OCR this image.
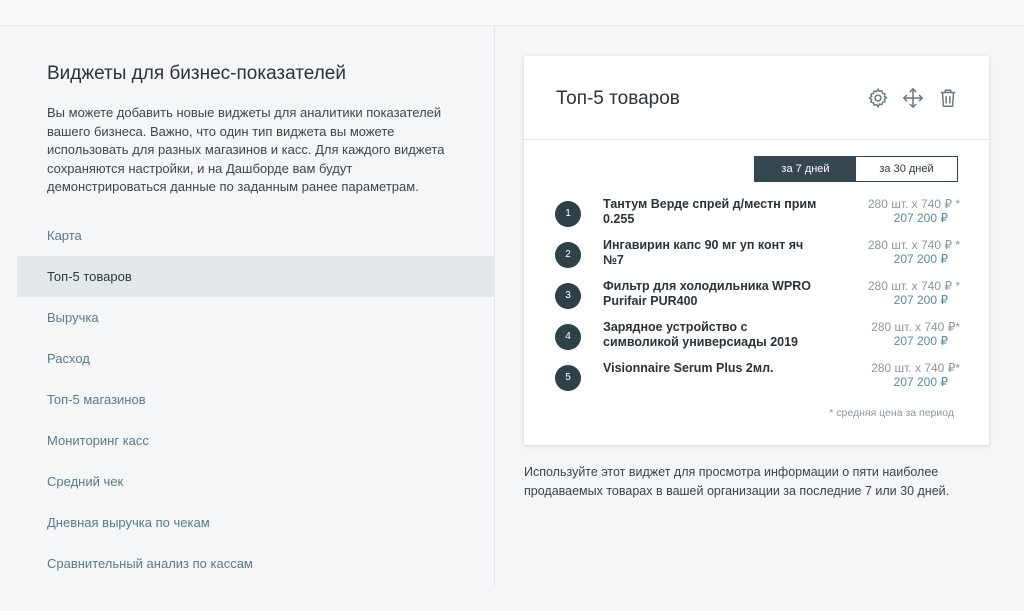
Виджеты для бизнес-показателей

Вы можете добавить новые виджеты для аналитики показателей вашего бизнеса. Важно, что один тип виджета вы можете использовать для разных магазинов и касс. Для каждого виджета сохраняются настройки, и на Дашборде вам будут демонстрироваться данные по заданным ранее параметрам.

Карта
Топ-5 товаров
Выручка
Расход
Топ-5 магазинов
Мониторинг касс
Средний чек
Дневная выручка по чекам
Сравнительный анализ по кассам
Топ-5 товаров
за 7 дней	за 30 дней
1
Тантум Верде спрей д/местн прим 0.255
280 шт. x 740 ₽ *
207 200 ₽
2
Ингавирин капс 90 мг уп конт яч №7
280 шт. x 740 ₽ *
207 200 ₽
3
Фильтр для холодильника WPRO Purifair PUR400
280 шт. x 740 ₽ *
207 200 ₽
4
Зарядное устройство с символикой универсиады 2019
280 шт. x 740 ₽*
207 200 ₽
5
Visionnaire Serum Plus 2мл.	280 шт. x 740 ₽*
207 200 ₽
* средняя цена за период

Используйте этот виджет для просмотра информации о пяти наиболее продаваемых товарах в вашей организации за последние 7 или 30 дней.
